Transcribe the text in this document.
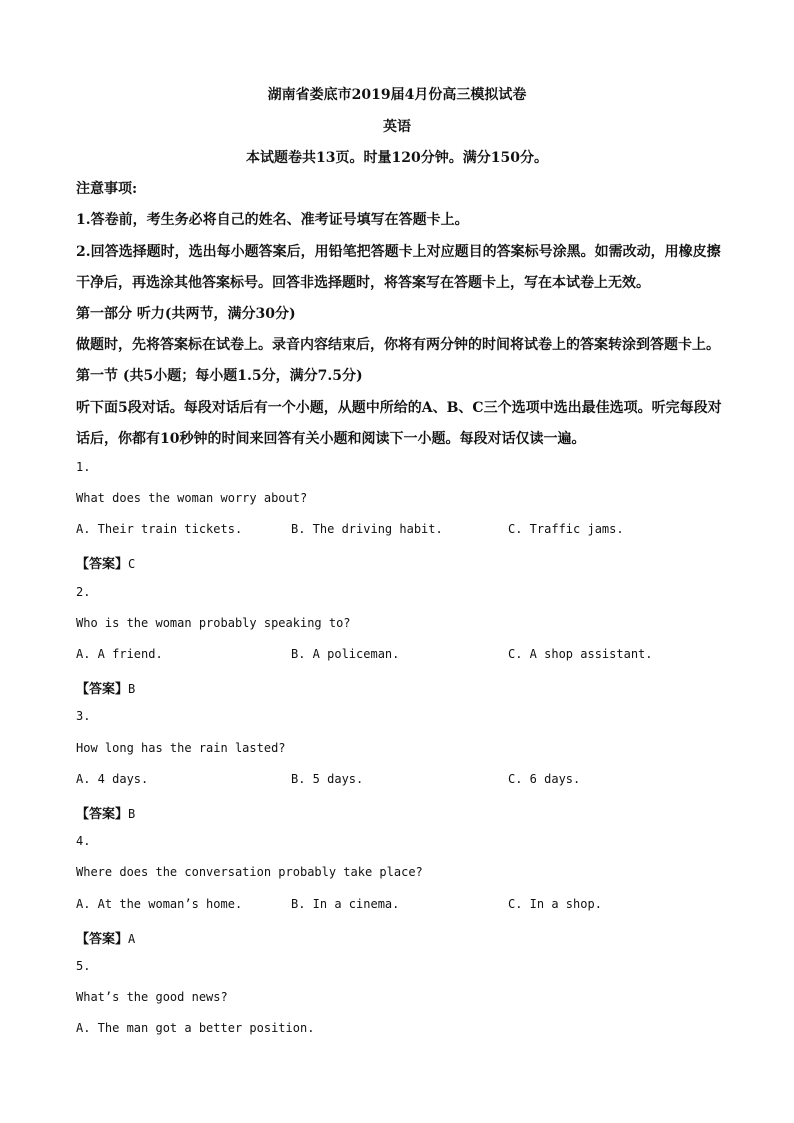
湖南省娄底市2019届4月份高三模拟试卷
英语
本试题卷共13页。时量120分钟。满分150分。
注意事项:
1.答卷前，考生务必将自己的姓名、准考证号填写在答题卡上。
2.回答选择题时，选出每小题答案后，用铅笔把答题卡上对应题目的答案标号涂黑。如需改动，用橡皮擦
干净后，再选涂其他答案标号。回答非选择题时，将答案写在答题卡上，写在本试卷上无效。
第一部分 听力(共两节，满分30分)
做题时，先将答案标在试卷上。录音内容结束后，你将有两分钟的时间将试卷上的答案转涂到答题卡上。
第一节 (共5小题；每小题1.5分，满分7.5分)
听下面5段对话。每段对话后有一个小题，从题中所给的A、B、C三个选项中选出最佳选项。听完每段对
话后，你都有10秒钟的时间来回答有关小题和阅读下一小题。每段对话仅读一遍。
1.
What does the woman worry about?
A. Their train tickets.	B. The driving habit.	C. Traffic jams.
【答案】C
2.
Who is the woman probably speaking to?
A. A friend.	B. A policeman.	C. A shop assistant.
【答案】B
3.
How long has the rain lasted?
A. 4 days.	B. 5 days.	C. 6 days.
【答案】B
4.
Where does the conversation probably take place?
A. At the woman’s home.	B. In a cinema.	C. In a shop.
【答案】A
5.
What’s the good news?
A. The man got a better position.
